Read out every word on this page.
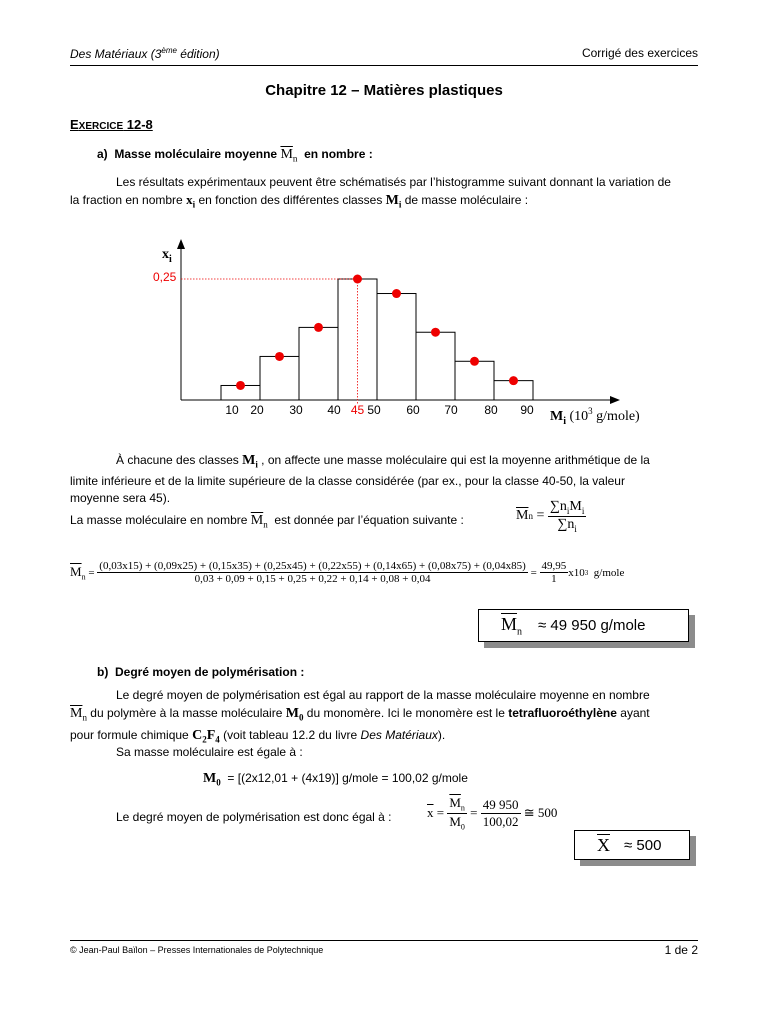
Des Matériaux (3ème édition)	Corrigé des exercices
Chapitre 12 – Matières plastiques
EXERCICE 12-8
a) Masse moléculaire moyenne $\overline{M}_n$ en nombre :
Les résultats expérimentaux peuvent être schématisés par l’histogramme suivant donnant la variation de
la fraction en nombre $x_i$ en fonction des différentes classes $M_i$ de masse moléculaire :
10 20 30 40 50 60 70 80 90
$x_i$
0,25
45	$M_i$ ($10^3$ g/mole)
À chacune des classes $M_i$ , on affecte une masse moléculaire qui est la moyenne arithmétique de la
limite inférieure et de la limite supérieure de la classe considérée (par ex., pour la classe 40-50, la valeur
moyenne sera 45).
La masse moléculaire en nombre $\overline{M}_n$ est donnée par l’équation suivante :	$\overline{M}$ $n = \frac{\sum n_iM_i}{\sum n_i}$
$\overline{M}_n$ =
(0,03x15) + (0,09x25) + (0,15x35) + (0,25x45) + (0,22x55) + (0,14x65) + (0,08x75) + (0,04x85)
0,03 + 0,09 + 0,15 + 0,25 + 0,22 + 0,14 + 0,08 + 0,04
= $\frac{49,95}{1} x10$ 3
g/mole
$\overline{M}_n \approx 49$ 950 g/mole
b) Degré moyen de polymérisation :
Le degré moyen de polymérisation est égal au rapport de la masse moléculaire moyenne en nombre
$\overline{M}_n$ du polymère à la masse moléculaire $M_0$ du monomère. Ici le monomère est le tetrafluoroéthylène ayant
pour formule chimique $C_2F_4$ (voit tableau 12.2 du livre Des Matériaux).
Sa masse moléculaire est égale à :
$M_0 = [(2x12,01 + (4x19)]$ g/mole = 100,02 g/mole
Le degré moyen de polymérisation est donc égal à :	$\overline{x} = \frac{\overline{M}_n}{M_0} = \frac{49 950}{100,02}$
≅ 500
$\overline{X} \approx 500$
© Jean-Paul Baïlon – Presses Internationales de Polytechnique	1 de 2
